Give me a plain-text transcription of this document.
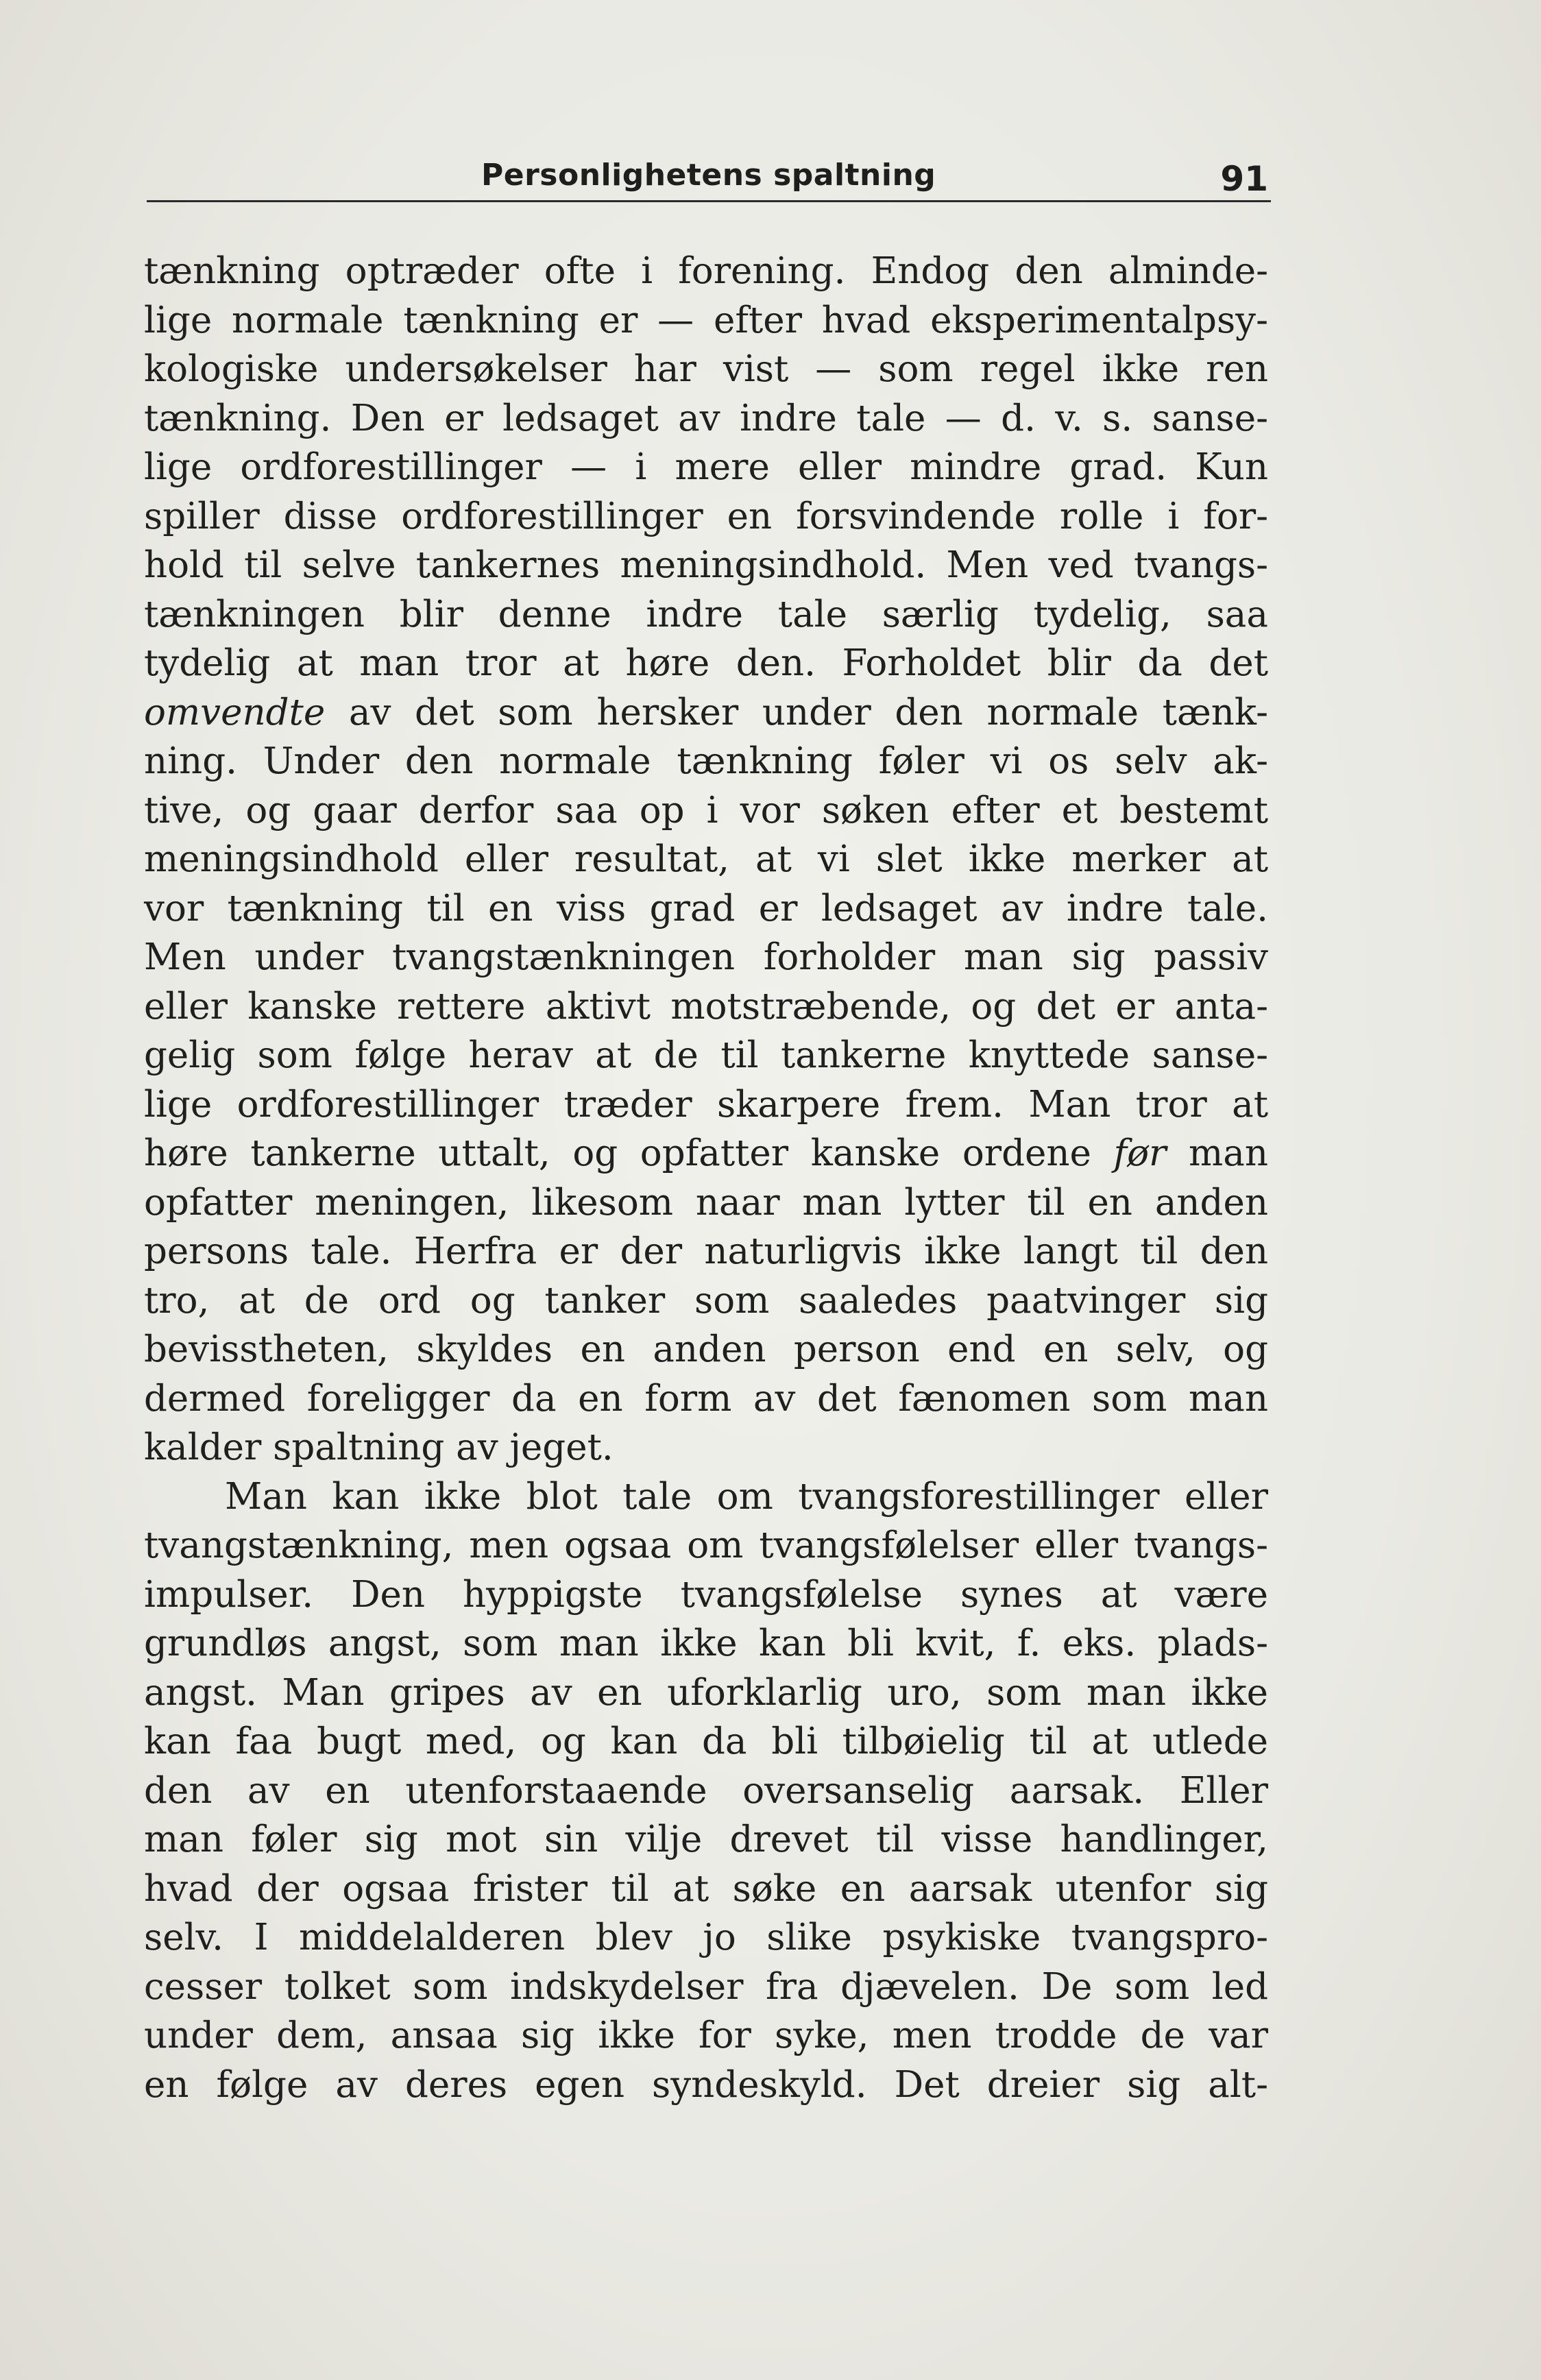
Personlighetens spaltning	91
tænkning optræder ofte i forening. Endog den alminde-
lige normale tænkning er — efter hvad eksperimentalpsy-
kologiske undersøkelser har vist — som regel ikke ren
tænkning. Den er ledsaget av indre tale — d. v. s. sanse-
lige ordforestillinger — i mere eller mindre grad. Kun
spiller disse ordforestillinger en forsvindende rolle i for-
hold til selve tankernes meningsindhold. Men ved tvangs-
tænkningen blir denne indre tale særlig tydelig, saa
tydelig at man tror at høre den. Forholdet blir da det
omvendte av det som hersker under den normale tænk-
ning. Under den normale tænkning føler vi os selv ak-
tive, og gaar derfor saa op i vor søken efter et bestemt
meningsindhold eller resultat, at vi slet ikke merker at
vor tænkning til en viss grad er ledsaget av indre tale.
Men under tvangstænkningen forholder man sig passiv
eller kanske rettere aktivt motstræbende, og det er anta-
gelig som følge herav at de til tankerne knyttede sanse-
lige ordforestillinger træder skarpere frem. Man tror at
høre tankerne uttalt, og opfatter kanske ordene før man
opfatter meningen, likesom naar man lytter til en anden
persons tale. Herfra er der naturligvis ikke langt til den
tro, at de ord og tanker som saaledes paatvinger sig
bevisstheten, skyldes en anden person end en selv, og
dermed foreligger da en form av det fænomen som man
kalder spaltning av jeget.
Man kan ikke blot tale om tvangsforestillinger eller
tvangstænkning, men ogsaa om tvangsfølelser eller tvangs-
impulser. Den hyppigste tvangsfølelse synes at være
grundløs angst, som man ikke kan bli kvit, f. eks. plads-
angst. Man gripes av en uforklarlig uro, som man ikke
kan faa bugt med, og kan da bli tilbøielig til at utlede
den av en utenforstaaende oversanselig aarsak. Eller
man føler sig mot sin vilje drevet til visse handlinger,
hvad der ogsaa frister til at søke en aarsak utenfor sig
selv. I middelalderen blev jo slike psykiske tvangspro-
cesser tolket som indskydelser fra djævelen. De som led
under dem, ansaa sig ikke for syke, men trodde de var
en følge av deres egen syndeskyld. Det dreier sig alt-
